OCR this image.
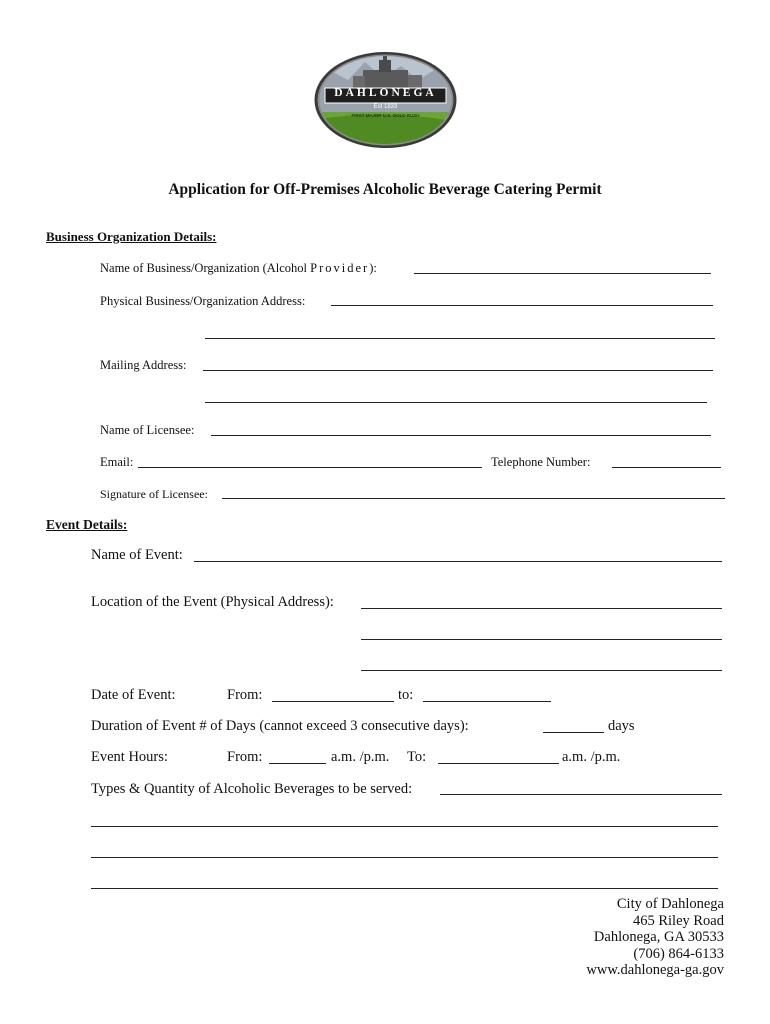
DAHLONEGA
Est 1833
FIRST MAJOR U.S. GOLD RUSH
Application for Off-Premises Alcoholic Beverage Catering Permit
Business Organization Details:
Name of Business/Organization (Alcohol Provider):
Physical Business/Organization Address:
Mailing Address:
Name of Licensee:
Email:	Telephone Number:
Signature of Licensee:
Event Details:
Name of Event:
Location of the Event (Physical Address):
Date of Event:	From:	to:
Duration of Event # of Days (cannot exceed 3 consecutive days):	days
Event Hours:	From:	a.m. /p.m. To:	a.m. /p.m.
Types & Quantity of Alcoholic Beverages to be served:
City of Dahlonega
465 Riley Road
Dahlonega, GA 30533
(706) 864-6133
www.dahlonega-ga.gov
